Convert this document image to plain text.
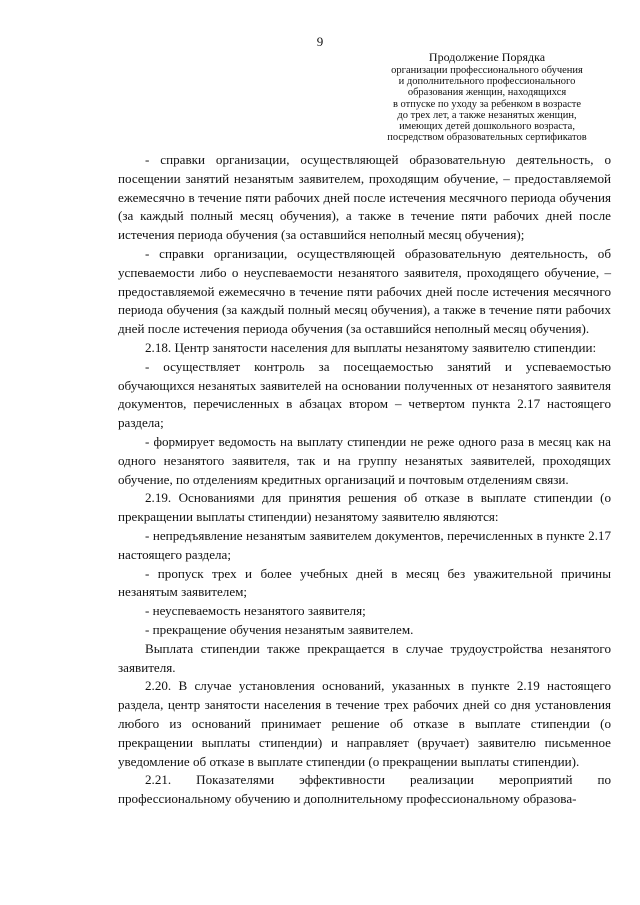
9
Продолжение Порядка
организации профессионального обучения
и дополнительного профессионального
образования женщин, находящихся
в отпуске по уходу за ребенком в возрасте
до трех лет, а также незанятых женщин,
имеющих детей дошкольного возраста,
посредством образовательных сертификатов

- справки организации, осуществляющей образовательную деятельность, о посещении занятий незанятым заявителем, проходящим обучение, – предоставляемой ежемесячно в течение пяти рабочих дней после истечения месячного периода обучения (за каждый полный месяц обучения), а также в течение пяти рабочих дней после истечения периода обучения (за оставшийся неполный месяц обучения);

- справки организации, осуществляющей образовательную деятельность, об успеваемости либо о неуспеваемости незанятого заявителя, проходящего обучение, – предоставляемой ежемесячно в течение пяти рабочих дней после истечения месячного периода обучения (за каждый полный месяц обучения), а также в течение пяти рабочих дней после истечения периода обучения (за оставшийся неполный месяц обучения).

2.18. Центр занятости населения для выплаты незанятому заявителю стипендии:

- осуществляет контроль за посещаемостью занятий и успеваемостью обучающихся незанятых заявителей на основании полученных от незанятого заявителя документов, перечисленных в абзацах втором – четвертом пункта 2.17 настоящего раздела;

- формирует ведомость на выплату стипендии не реже одного раза в месяц как на одного незанятого заявителя, так и на группу незанятых заявителей, проходящих обучение, по отделениям кредитных организаций и почтовым отделениям связи.

2.19. Основаниями для принятия решения об отказе в выплате стипендии (о прекращении выплаты стипендии) незанятому заявителю являются:

- непредъявление незанятым заявителем документов, перечисленных в пункте 2.17 настоящего раздела;

- пропуск трех и более учебных дней в месяц без уважительной причины незанятым заявителем;

- неуспеваемость незанятого заявителя;

- прекращение обучения незанятым заявителем.

Выплата стипендии также прекращается в случае трудоустройства незанятого заявителя.

2.20. В случае установления оснований, указанных в пункте 2.19 настоящего раздела, центр занятости населения в течение трех рабочих дней со дня установления любого из оснований принимает решение об отказе в выплате стипендии (о прекращении выплаты стипендии) и направляет (вручает) заявителю письменное уведомление об отказе в выплате стипендии (о прекращении выплаты стипендии).

2.21. Показателями эффективности реализации мероприятий по профессиональному обучению и дополнительному профессиональному образова-
